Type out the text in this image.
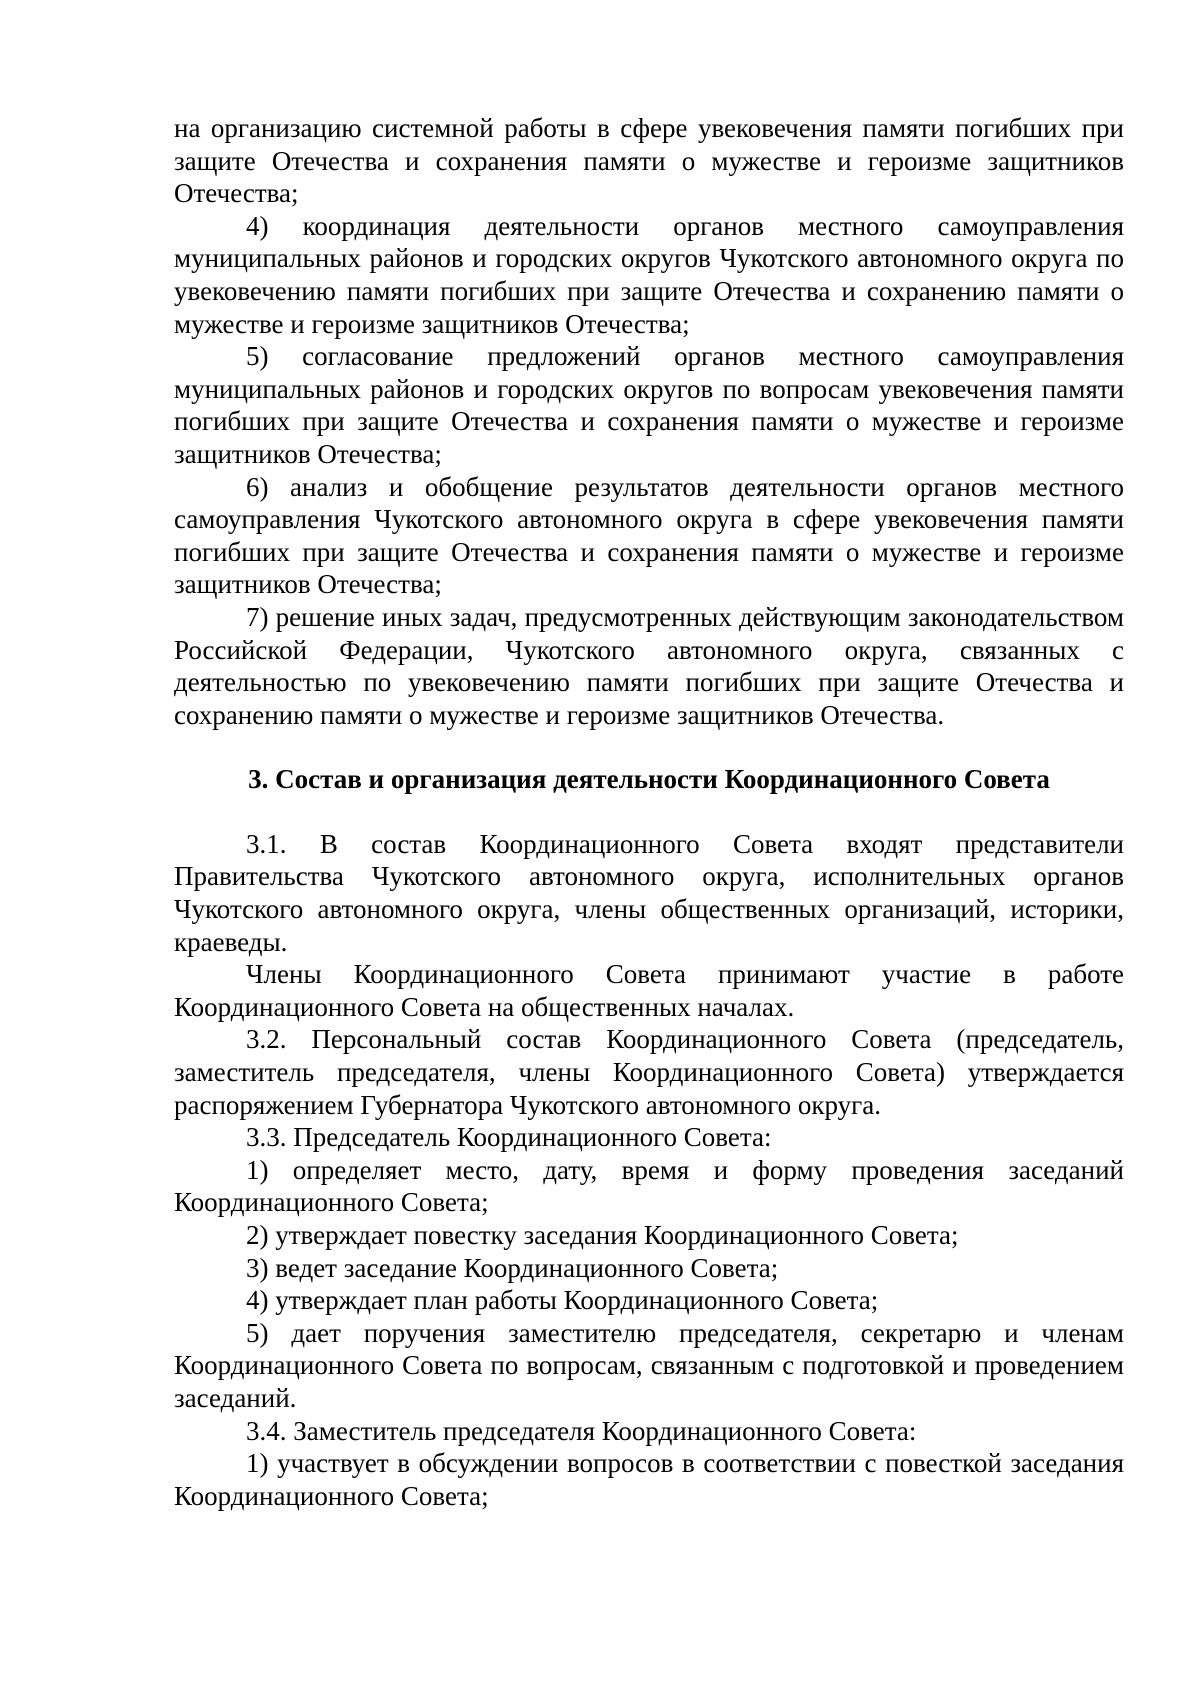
на организацию системной работы в сфере увековечения памяти погибших при защите Отечества и сохранения памяти о мужестве и героизме защитников Отечества;

4) координация деятельности органов местного самоуправления муниципальных районов и городских округов Чукотского автономного округа по увековечению памяти погибших при защите Отечества и сохранению памяти о мужестве и героизме защитников Отечества;

5) согласование предложений органов местного самоуправления муниципальных районов и городских округов по вопросам увековечения памяти погибших при защите Отечества и сохранения памяти о мужестве и героизме защитников Отечества;

6) анализ и обобщение результатов деятельности органов местного самоуправления Чукотского автономного округа в сфере увековечения памяти погибших при защите Отечества и сохранения памяти о мужестве и героизме защитников Отечества;

7) решение иных задач, предусмотренных действующим законодательством Российской Федерации, Чукотского автономного округа, связанных с деятельностью по увековечению памяти погибших при защите Отечества и сохранению памяти о мужестве и героизме защитников Отечества.

3. Состав и организация деятельности Координационного Совета

3.1. В состав Координационного Совета входят представители Правительства Чукотского автономного округа, исполнительных органов Чукотского автономного округа, члены общественных организаций, историки, краеведы.

Члены Координационного Совета принимают участие в работе Координационного Совета на общественных началах.

3.2. Персональный состав Координационного Совета (председатель, заместитель председателя, члены Координационного Совета) утверждается распоряжением Губернатора Чукотского автономного округа.

3.3. Председатель Координационного Совета:

1) определяет место, дату, время и форму проведения заседаний Координационного Совета;

2) утверждает повестку заседания Координационного Совета;

3) ведет заседание Координационного Совета;

4) утверждает план работы Координационного Совета;

5) дает поручения заместителю председателя, секретарю и членам Координационного Совета по вопросам, связанным с подготовкой и проведением заседаний.

3.4. Заместитель председателя Координационного Совета:

1) участвует в обсуждении вопросов в соответствии с повесткой заседания Координационного Совета;
